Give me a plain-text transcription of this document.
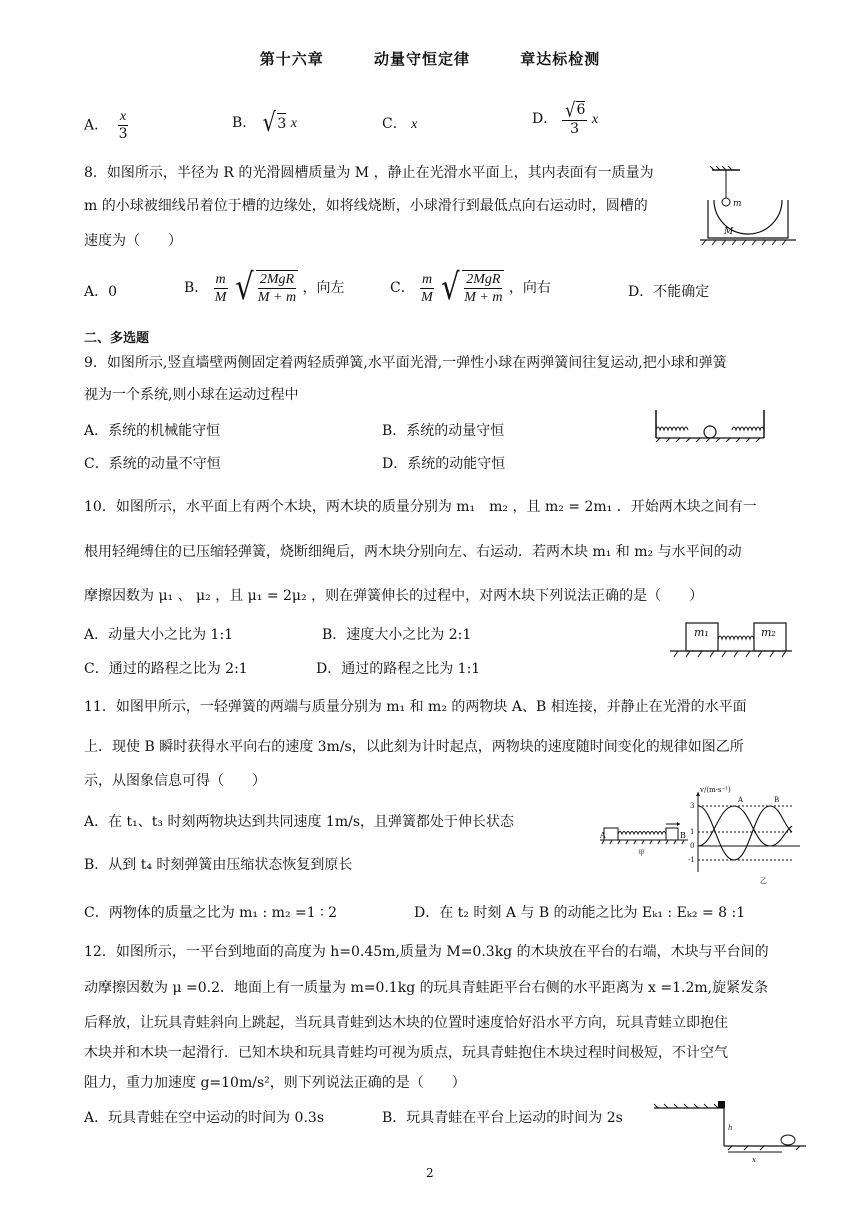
第十六章	动量守恒定律	章达标检测
A． $\frac{x}{3}$	B． √ 3 x	C． x	D． $\frac{√ 6}{3}$ x
8．如图所示，半径为 R 的光滑圆槽质量为 M ，静止在光滑水平面上，其内表面有一质量为
m 的小球被细线吊着位于槽的边缘处，如将线烧断，小球滑行到最低点向右运动时，圆槽的
速度为（　　）
m
M
A．0	B． $\frac{m}{M}$
√ $\frac{\text{2MgR}}{M + m}$ ，向左	C． $\frac{m}{M}$
√ $\frac{\text{2MgR}}{M + m}$ ，向右	D．不能确定
二、多选题
9．如图所示,竖直墙壁两侧固定着两轻质弹簧,水平面光滑,一弹性小球在两弹簧间往复运动,把小球和弹簧
视为一个系统,则小球在运动过程中
A．系统的机械能守恒	B．系统的动量守恒
C．系统的动量不守恒	D．系统的动能守恒
10．如图所示，水平面上有两个木块，两木块的质量分别为 m₁　m₂ ，且 m₂ = 2m₁ ．开始两木块之间有一
根用轻绳缚住的已压缩轻弹簧，烧断细绳后，两木块分别向左、右运动．若两木块 m₁ 和 m₂ 与水平间的动
摩擦因数为 μ₁ 、 μ₂ ，且 μ₁ = 2μ₂ ，则在弹簧伸长的过程中，对两木块下列说法正确的是（　　）
A．动量大小之比为 1:1	B．速度大小之比为 2:1
C．通过的路程之比为 2:1	D．通过的路程之比为 1:1
m₁	m₂
11．如图甲所示，一轻弹簧的两端与质量分别为 m₁ 和 m₂ 的两物块 A、B 相连接，并静止在光滑的水平面
上．现使 B 瞬时获得水平向右的速度 3m/s，以此刻为计时起点，两物块的速度随时间变化的规律如图乙所
示，从图象信息可得（　　）
A．在 t₁、t₃ 时刻两物块达到共同速度 1m/s，且弹簧都处于伸长状态
B．从到 t₄ 时刻弹簧由压缩状态恢复到原长
C．两物体的质量之比为 m₁ : m₂ =1 ∶ 2	D．在 t₂ 时刻 A 与 B 的动能之比为 Eₖ₁ : Eₖ₂ = 8 :1
A	B
甲
3
1
0
-1
A	B
v/(m·s⁻¹)
乙
12．如图所示，一平台到地面的高度为 h=0.45m,质量为 M=0.3kg 的木块放在平台的右端，木块与平台间的
动摩擦因数为 μ =0.2．地面上有一质量为 m=0.1kg 的玩具青蛙距平台右侧的水平距离为 x =1.2m,旋紧发条
后释放，让玩具青蛙斜向上跳起，当玩具青蛙到达木块的位置时速度恰好沿水平方向，玩具青蛙立即抱住
木块并和木块一起滑行．已知木块和玩具青蛙均可视为质点，玩具青蛙抱住木块过程时间极短，不计空气
阻力，重力加速度 g=10m/s²，则下列说法正确的是（　　）
A．玩具青蛙在空中运动的时间为 0.3s	B．玩具青蛙在平台上运动的时间为 2s
h
x
2
